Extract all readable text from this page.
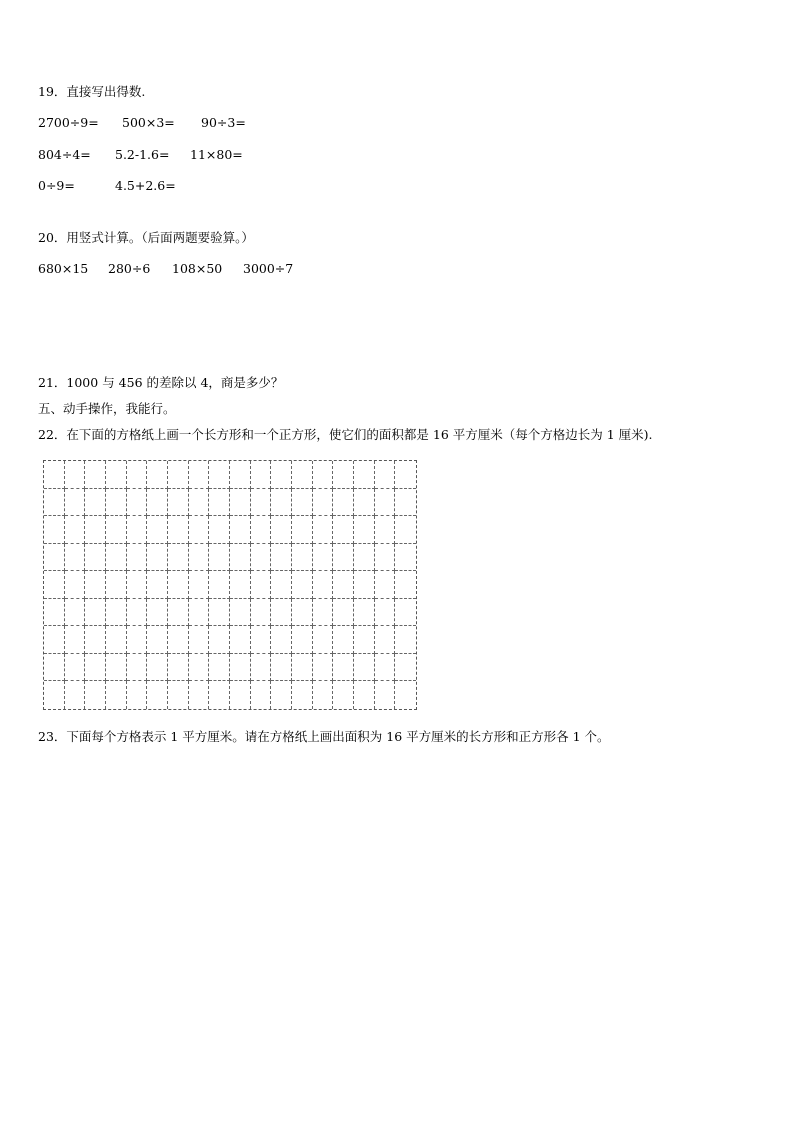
19．直接写出得数.
2700÷9= 500×3= 90÷3=
804÷4= 5.2-1.6= 11×80=
0÷9=	4.5+2.6=
20．用竖式计算。（后面两题要验算。）
680×15 280÷6 108×50 3000÷7
21．1000 与 456 的差除以 4，商是多少？
五、动手操作，我能行。
22．在下面的方格纸上画一个长方形和一个正方形，使它们的面积都是 16 平方厘米（每个方格边长为 1 厘米).
23．下面每个方格表示 1 平方厘米。请在方格纸上画出面积为 16 平方厘米的长方形和正方形各 1 个。
